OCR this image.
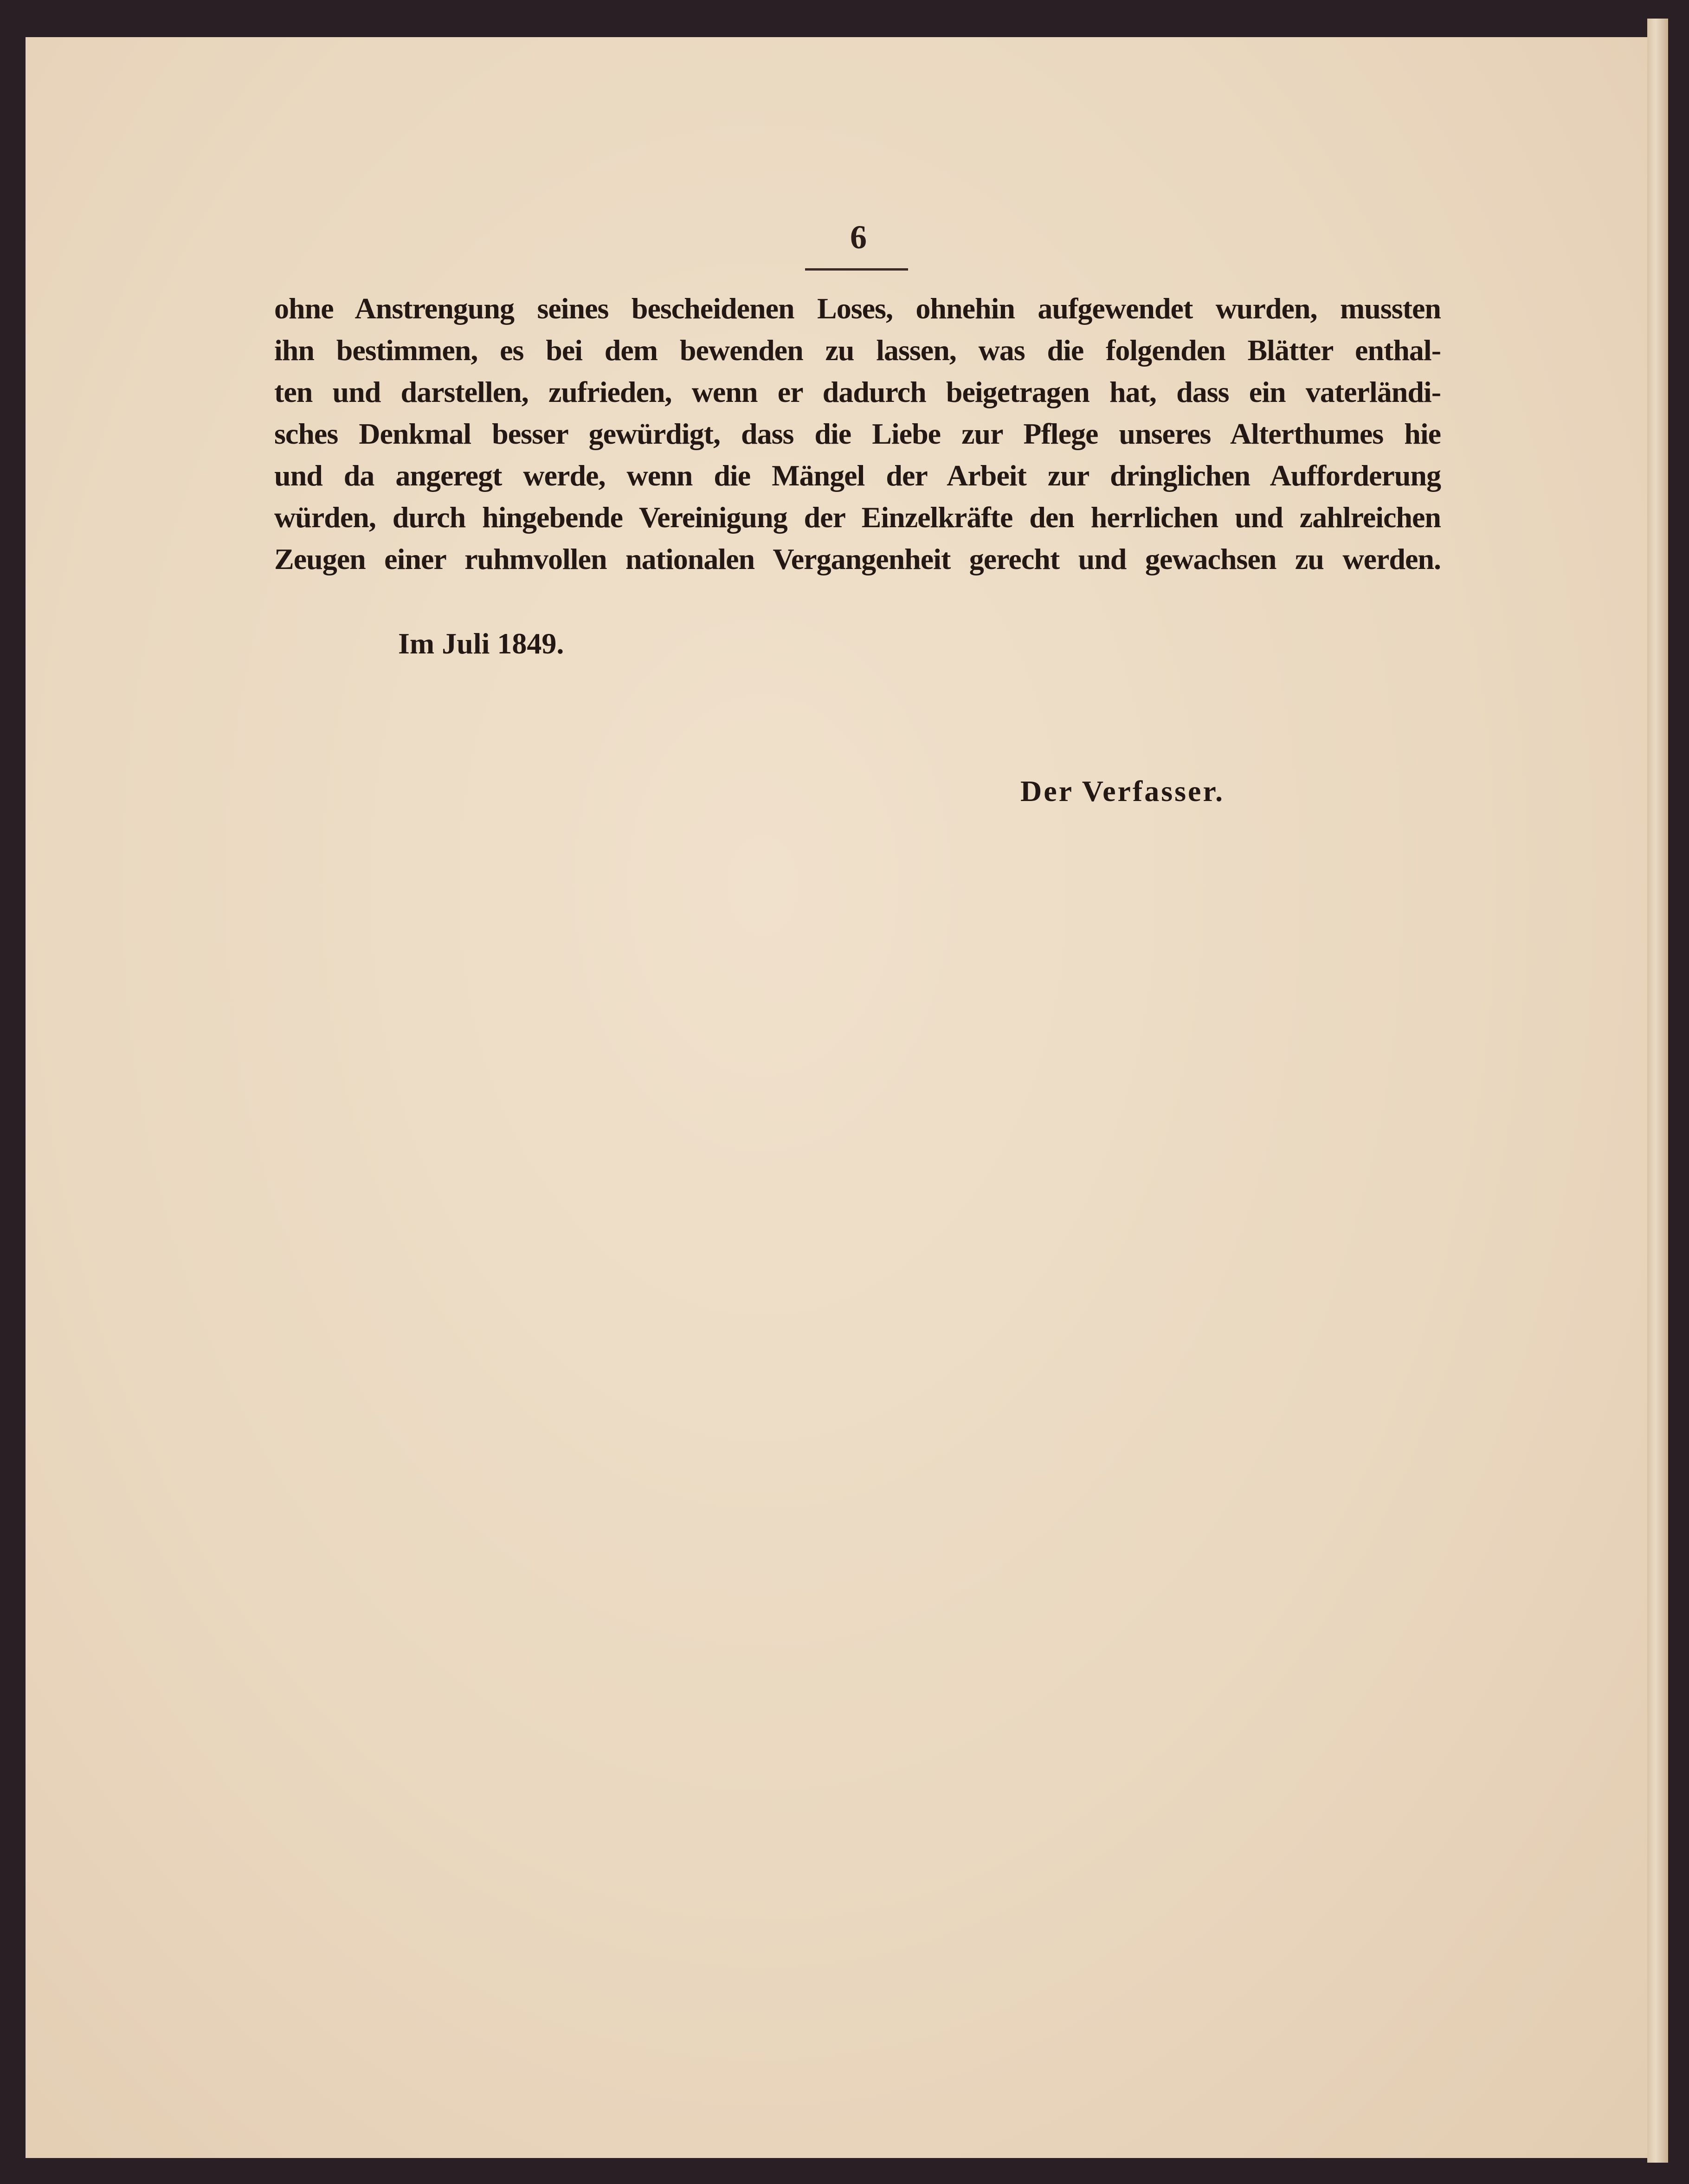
6
ohne Anstrengung seines bescheidenen Loses, ohnehin aufgewendet wurden, mussten
ihn bestimmen, es bei dem bewenden zu lassen, was die folgenden Blätter enthal-
ten und darstellen, zufrieden, wenn er dadurch beigetragen hat, dass ein vaterländi-
sches Denkmal besser gewürdigt, dass die Liebe zur Pflege unseres Alterthumes hie
und da angeregt werde, wenn die Mängel der Arbeit zur dringlichen Aufforderung
würden, durch hingebende Vereinigung der Einzelkräfte den herrlichen und zahlreichen
Zeugen einer ruhmvollen nationalen Vergangenheit gerecht und gewachsen zu werden.
Im Juli 1849.
Der Verfasser.
